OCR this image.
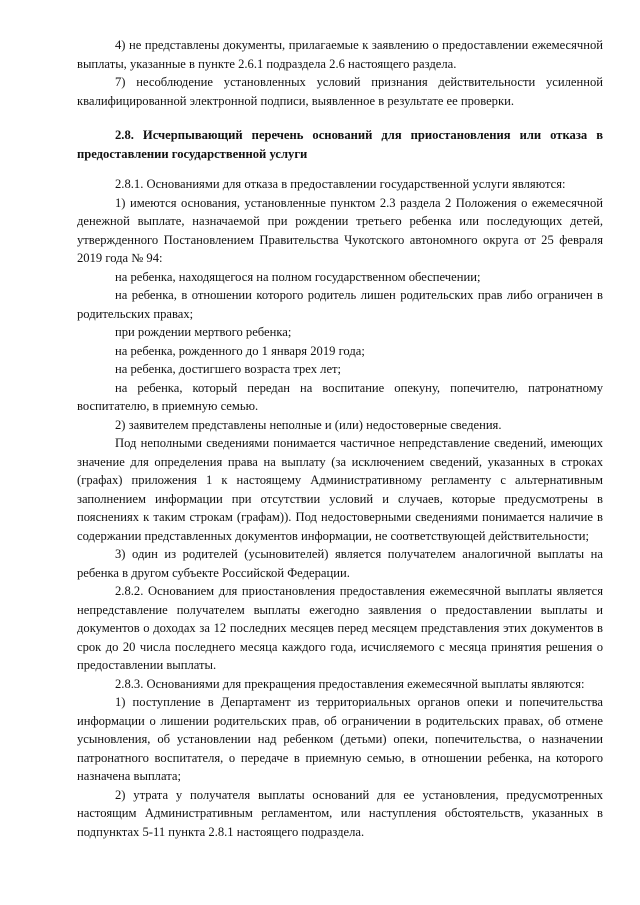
4) не представлены документы, прилагаемые к заявлению о предоставлении ежемесячной выплаты, указанные в пункте 2.6.1 подраздела 2.6 настоящего раздела.

7) несоблюдение установленных условий признания действительности усиленной квалифицированной электронной подписи, выявленное в результате ее проверки.

2.8. Исчерпывающий перечень оснований для приостановления или отказа в предоставлении государственной услуги

2.8.1. Основаниями для отказа в предоставлении государственной услуги являются:

1) имеются основания, установленные пунктом 2.3 раздела 2 Положения о ежемесячной денежной выплате, назначаемой при рождении третьего ребенка или последующих детей, утвержденного Постановлением Правительства Чукотского автономного округа от 25 февраля 2019 года № 94:

на ребенка, находящегося на полном государственном обеспечении;

на ребенка, в отношении которого родитель лишен родительских прав либо ограничен в родительских правах;

при рождении мертвого ребенка;

на ребенка, рожденного до 1 января 2019 года;

на ребенка, достигшего возраста трех лет;

на ребенка, который передан на воспитание опекуну, попечителю, патронатному воспитателю, в приемную семью.

2) заявителем представлены неполные и (или) недостоверные сведения.

Под неполными сведениями понимается частичное непредставление сведений, имеющих значение для определения права на выплату (за исключением сведений, указанных в строках (графах) приложения 1 к настоящему Административному регламенту с альтернативным заполнением информации при отсутствии условий и случаев, которые предусмотрены в пояснениях к таким строкам (графам)). Под недостоверными сведениями понимается наличие в содержании представленных документов информации, не соответствующей действительности;

3) один из родителей (усыновителей) является получателем аналогичной выплаты на ребенка в другом субъекте Российской Федерации.

2.8.2. Основанием для приостановления предоставления ежемесячной выплаты является непредставление получателем выплаты ежегодно заявления о предоставлении выплаты и документов о доходах за 12 последних месяцев перед месяцем представления этих документов в срок до 20 числа последнего месяца каждого года, исчисляемого с месяца принятия решения о предоставлении выплаты.

2.8.3. Основаниями для прекращения предоставления ежемесячной выплаты являются:

1) поступление в Департамент из территориальных органов опеки и попечительства информации о лишении родительских прав, об ограничении в родительских правах, об отмене усыновления, об установлении над ребенком (детьми) опеки, попечительства, о назначении патронатного воспитателя, о передаче в приемную семью, в отношении ребенка, на которого назначена выплата;

2) утрата у получателя выплаты оснований для ее установления, предусмотренных настоящим Административным регламентом, или наступления обстоятельств, указанных в подпунктах 5-11 пункта 2.8.1 настоящего подраздела.
